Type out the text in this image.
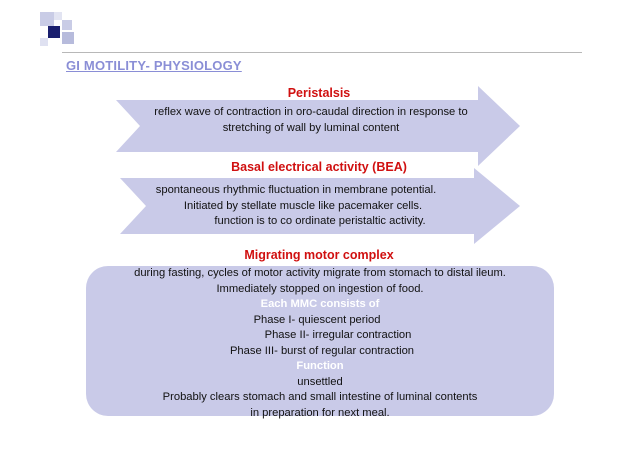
GI MOTILITY- PHYSIOLOGY
Peristalsis
reflex wave of contraction in oro-caudal direction in response to
stretching of wall by luminal content
Basal electrical activity (BEA)
spontaneous rhythmic fluctuation in membrane potential.
Initiated by stellate muscle like pacemaker cells.
function is to co ordinate peristaltic activity.
Migrating motor complex
during fasting, cycles of motor activity migrate from stomach to distal ileum.
Immediately stopped on ingestion of food.
Each MMC consists of
Phase I- quiescent period
Phase II- irregular contraction
Phase III- burst of regular contraction
Function
unsettled
Probably clears stomach and small intestine of luminal contents
in preparation for next meal.
